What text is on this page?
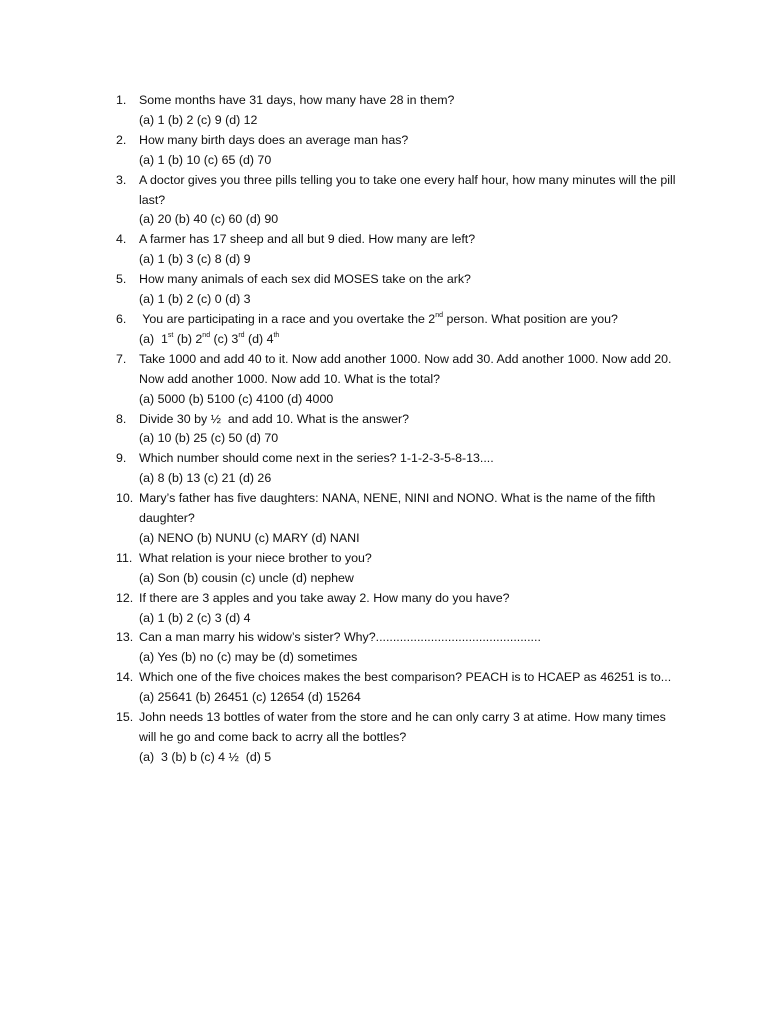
1. Some months have 31 days, how many have 28 in them?
(a) 1 (b) 2 (c) 9 (d) 12
2. How many birth days does an average man has?
(a) 1 (b) 10 (c) 65 (d) 70
3. A doctor gives you three pills telling you to take one every half hour, how many minutes will the pill last?
(a) 20 (b) 40 (c) 60 (d) 90
4. A farmer has 17 sheep and all but 9 died. How many are left?
(a) 1 (b) 3 (c) 8 (d) 9
5. How many animals of each sex did MOSES take on the ark?
(a) 1 (b) 2 (c) 0 (d) 3
6. You are participating in a race and you overtake the 2nd person. What position are you?
(a)  1st (b) 2nd (c) 3rd (d) 4th
7. Take 1000 and add 40 to it. Now add another 1000. Now add 30. Add another 1000. Now add 20. Now add another 1000. Now add 10. What is the total?
(a) 5000 (b) 5100 (c) 4100 (d) 4000
8. Divide 30 by ½  and add 10. What is the answer?
(a) 10 (b) 25 (c) 50 (d) 70
9. Which number should come next in the series? 1-1-2-3-5-8-13....
(a) 8 (b) 13 (c) 21 (d) 26
10. Mary’s father has five daughters: NANA, NENE, NINI and NONO. What is the name of the fifth daughter?
(a) NENO (b) NUNU (c) MARY (d) NANI
11. What relation is your niece brother to you?
(a) Son (b) cousin (c) uncle (d) nephew
12. If there are 3 apples and you take away 2. How many do you have?
(a) 1 (b) 2 (c) 3 (d) 4
13. Can a man marry his widow’s sister? Why?................................................
(a) Yes (b) no (c) may be (d) sometimes
14. Which one of the five choices makes the best comparison? PEACH is to HCAEP as 46251 is to...
(a) 25641 (b) 26451 (c) 12654 (d) 15264
15. John needs 13 bottles of water from the store and he can only carry 3 at atime. How many times will he go and come back to acrry all the bottles?
(a)  3 (b) b (c) 4 ½  (d) 5
